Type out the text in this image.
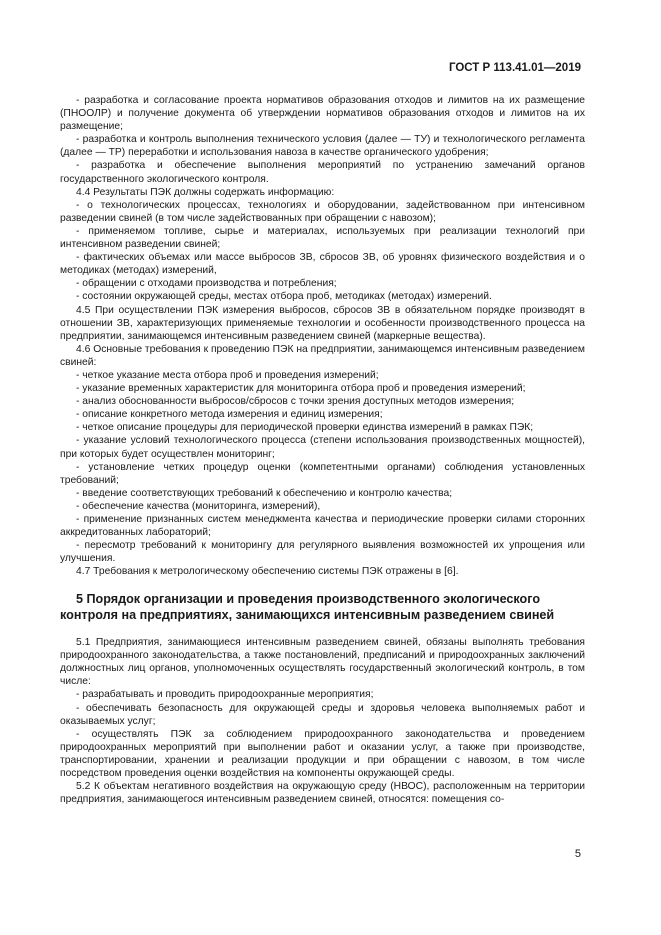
ГОСТ Р 113.41.01—2019

- разработка и согласование проекта нормативов образования отходов и лимитов на их размещение (ПНООЛР) и получение документа об утверждении нормативов образования отходов и лимитов на их размещение;

- разработка и контроль выполнения технического условия (далее — ТУ) и технологического регламента (далее — ТР) переработки и использования навоза в качестве органического удобрения;

- разработка и обеспечение выполнения мероприятий по устранению замечаний органов государственного экологического контроля.

4.4 Результаты ПЭК должны содержать информацию:

- о технологических процессах, технологиях и оборудовании, задействованном при интенсивном разведении свиней (в том числе задействованных при обращении с навозом);

- применяемом топливе, сырье и материалах, используемых при реализации технологий при интенсивном разведении свиней;

- фактических объемах или массе выбросов ЗВ, сбросов ЗВ, об уровнях физического воздействия и о методиках (методах) измерений,

- обращении с отходами производства и потребления;

- состоянии окружающей среды, местах отбора проб, методиках (методах) измерений.

4.5 При осуществлении ПЭК измерения выбросов, сбросов ЗВ в обязательном порядке производят в отношении ЗВ, характеризующих применяемые технологии и особенности производственного процесса на предприятии, занимающемся интенсивным разведением свиней (маркерные вещества).

4.6 Основные требования к проведению ПЭК на предприятии, занимающемся интенсивным разведением свиней:

- четкое указание места отбора проб и проведения измерений;

- указание временных характеристик для мониторинга отбора проб и проведения измерений;

- анализ обоснованности выбросов/сбросов с точки зрения доступных методов измерения;

- описание конкретного метода измерения и единиц измерения;

- четкое описание процедуры для периодической проверки единства измерений в рамках ПЭК;

- указание условий технологического процесса (степени использования производственных мощностей), при которых будет осуществлен мониторинг;

- установление четких процедур оценки (компетентными органами) соблюдения установленных требований;

- введение соответствующих требований к обеспечению и контролю качества;

- обеспечение качества (мониторинга, измерений),

- применение признанных систем менеджмента качества и периодические проверки силами сторонних аккредитованных лабораторий;

- пересмотр требований к мониторингу для регулярного выявления возможностей их упрощения или улучшения.

4.7 Требования к метрологическому обеспечению системы ПЭК отражены в [6].

5 Порядок организации и проведения производственного экологического контроля на предприятиях, занимающихся интенсивным разведением свиней

5.1 Предприятия, занимающиеся интенсивным разведением свиней, обязаны выполнять требования природоохранного законодательства, а также постановлений, предписаний и природоохранных заключений должностных лиц органов, уполномоченных осуществлять государственный экологический контроль, в том числе:

- разрабатывать и проводить природоохранные мероприятия;

- обеспечивать безопасность для окружающей среды и здоровья человека выполняемых работ и оказываемых услуг;

- осуществлять ПЭК за соблюдением природоохранного законодательства и проведением природоохранных мероприятий при выполнении работ и оказании услуг, а также при производстве, транспортировании, хранении и реализации продукции и при обращении с навозом, в том числе посредством проведения оценки воздействия на компоненты окружающей среды.

5.2 К объектам негативного воздействия на окружающую среду (НВОС), расположенным на территории предприятия, занимающегося интенсивным разведением свиней, относятся: помещения со-

5
